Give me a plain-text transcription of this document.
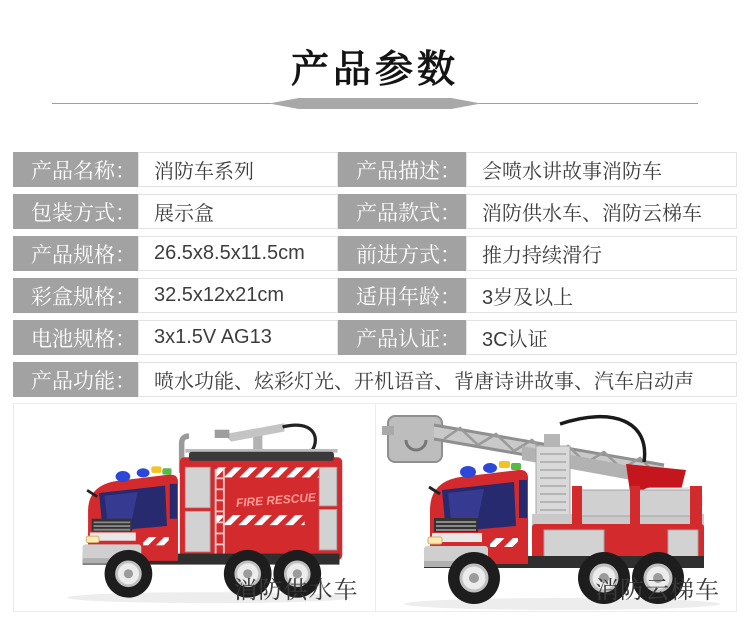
产品参数
产品名称： 消防车系列	产品描述：	会喷水讲故事消防车
包装方式： 展示盒	产品款式：	消防供水车、消防云梯车
产品规格： 26.5x8.5x11.5cm	前进方式：	推力持续滑行
彩盒规格： 32.5x12x21cm	适用年龄：	3岁及以上
电池规格： 3x1.5V AG13	产品认证：	3C认证
产品功能： 喷水功能、炫彩灯光、开机语音、背唐诗讲故事、汽车启动声
FIRE RESCUE
消防供水车	消防云梯车
